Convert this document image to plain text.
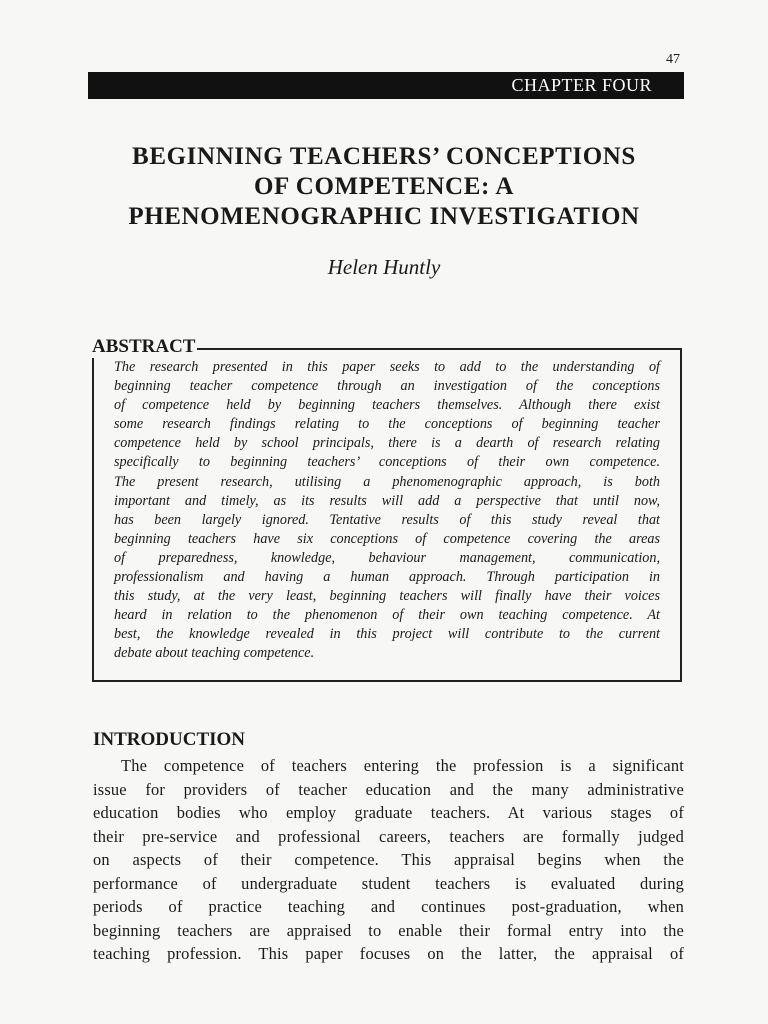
47
CHAPTER FOUR
BEGINNING TEACHERS’ CONCEPTIONS
OF COMPETENCE: A
PHENOMENOGRAPHIC INVESTIGATION
Helen Huntly
ABSTRACT
The research presented in this paper seeks to add to the understanding of
beginning teacher competence through an investigation of the conceptions
of competence held by beginning teachers themselves. Although there exist
some research findings relating to the conceptions of beginning teacher
competence held by school principals, there is a dearth of research relating
specifically to beginning teachers’ conceptions of their own competence.
The present research, utilising a phenomenographic approach, is both
important and timely, as its results will add a perspective that until now,
has been largely ignored. Tentative results of this study reveal that
beginning teachers have six conceptions of competence covering the areas
of preparedness, knowledge, behaviour management, communication,
professionalism and having a human approach. Through participation in
this study, at the very least, beginning teachers will finally have their voices
heard in relation to the phenomenon of their own teaching competence. At
best, the knowledge revealed in this project will contribute to the current
debate about teaching competence.
INTRODUCTION
The competence of teachers entering the profession is a significant
issue for providers of teacher education and the many administrative
education bodies who employ graduate teachers. At various stages of
their pre-service and professional careers, teachers are formally judged
on aspects of their competence. This appraisal begins when the
performance of undergraduate student teachers is evaluated during
periods of practice teaching and continues post-graduation, when
beginning teachers are appraised to enable their formal entry into the
teaching profession. This paper focuses on the latter, the appraisal of
